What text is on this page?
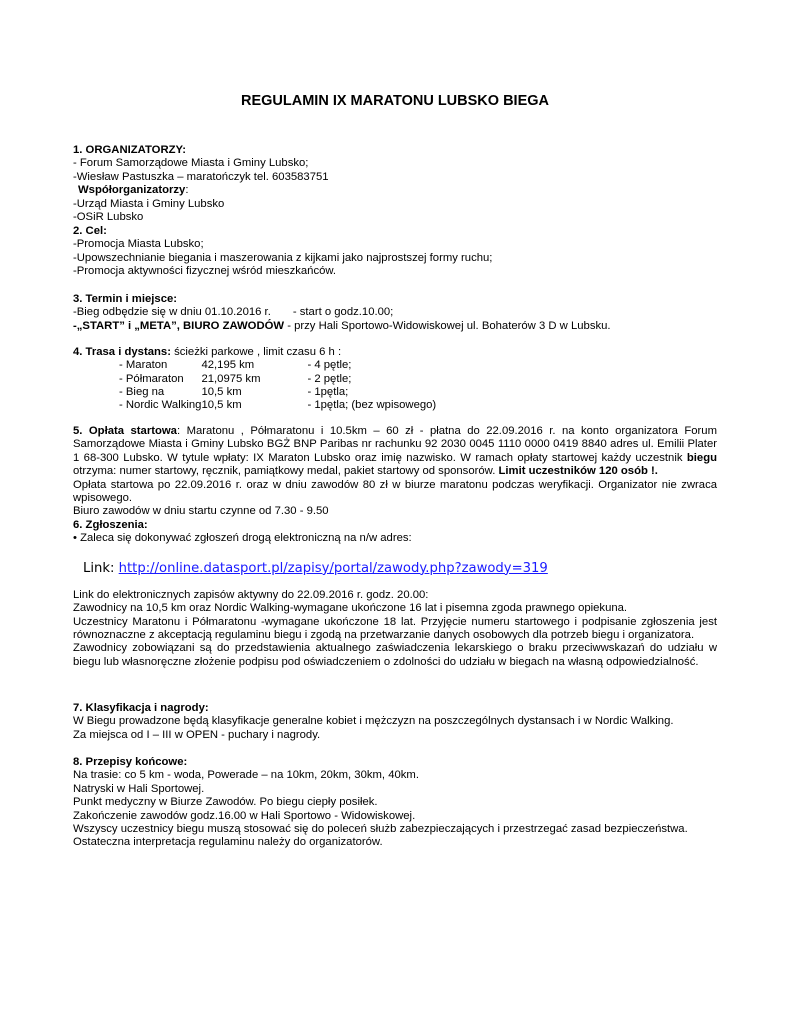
REGULAMIN IX MARATONU LUBSKO BIEGA
1. ORGANIZATORZY:
- Forum Samorządowe Miasta i Gminy Lubsko;
-Wiesław Pastuszka – maratończyk tel. 603583751
Współorganizatorzy:
-Urząd Miasta i Gminy Lubsko
-OSiR Lubsko
2. Cel:
-Promocja Miasta Lubsko;
-Upowszechnianie biegania i maszerowania z kijkami jako najprostszej formy ruchu;
-Promocja aktywności fizycznej wśród mieszkańców.
3. Termin i miejsce:
-Bieg odbędzie się w dniu 01.10.2016 r. - start o godz.10.00;
-„START” i „META”, BIURO ZAWODÓW - przy Hali Sportowo-Widowiskowej ul. Bohaterów 3 D w Lubsku.
4. Trasa i dystans: ścieżki parkowe , limit czasu 6 h :
- Maraton	42,195 km	- 4 pętle;
- Półmaraton	21,0975 km	- 2 pętle;
- Bieg na	10,5 km	- 1pętla;
- Nordic Walking	10,5 km	- 1pętla; (bez wpisowego)
5. Opłata startowa: Maratonu , Półmaratonu i 10.5km – 60 zł - płatna do 22.09.2016 r. na konto organizatora Forum Samorządowe Miasta i Gminy Lubsko BGŻ BNP Paribas nr rachunku 92 2030 0045 1110 0000 0419 8840 adres ul. Emilii Plater 1 68-300 Lubsko. W tytule wpłaty: IX Maraton Lubsko oraz imię nazwisko. W ramach opłaty startowej każdy uczestnik biegu otrzyma: numer startowy, ręcznik, pamiątkowy medal, pakiet startowy od sponsorów. Limit uczestników 120 osób !.
Opłata startowa po 22.09.2016 r. oraz w dniu zawodów 80 zł w biurze maratonu podczas weryfikacji. Organizator nie zwraca wpisowego.
Biuro zawodów w dniu startu czynne od 7.30 - 9.50
6. Zgłoszenia:
• Zaleca się dokonywać zgłoszeń drogą elektroniczną na n/w adres:
Link: http://online.datasport.pl/zapisy/portal/zawody.php?zawody=319
Link do elektronicznych zapisów aktywny do 22.09.2016 r. godz. 20.00:
Zawodnicy na 10,5 km oraz Nordic Walking-wymagane ukończone 16 lat i pisemna zgoda prawnego opiekuna.
Uczestnicy Maratonu i Półmaratonu -wymagane ukończone 18 lat. Przyjęcie numeru startowego i podpisanie zgłoszenia jest równoznaczne z akceptacją regulaminu biegu i zgodą na przetwarzanie danych osobowych dla potrzeb biegu i organizatora.
Zawodnicy zobowiązani są do przedstawienia aktualnego zaświadczenia lekarskiego o braku przeciwwskazań do udziału w biegu lub własnoręczne złożenie podpisu pod oświadczeniem o zdolności do udziału w biegach na własną odpowiedzialność.
7. Klasyfikacja i nagrody:
W Biegu prowadzone będą klasyfikacje generalne kobiet i mężczyzn na poszczególnych dystansach i w Nordic Walking.
Za miejsca od I – III w OPEN - puchary i nagrody.
8. Przepisy końcowe:
Na trasie: co 5 km - woda, Powerade – na 10km, 20km, 30km, 40km.
Natryski w Hali Sportowej.
Punkt medyczny w Biurze Zawodów. Po biegu ciepły posiłek.
Zakończenie zawodów godz.16.00 w Hali Sportowo - Widowiskowej.
Wszyscy uczestnicy biegu muszą stosować się do poleceń służb zabezpieczających i przestrzegać zasad bezpieczeństwa.
Ostateczna interpretacja regulaminu należy do organizatorów.
